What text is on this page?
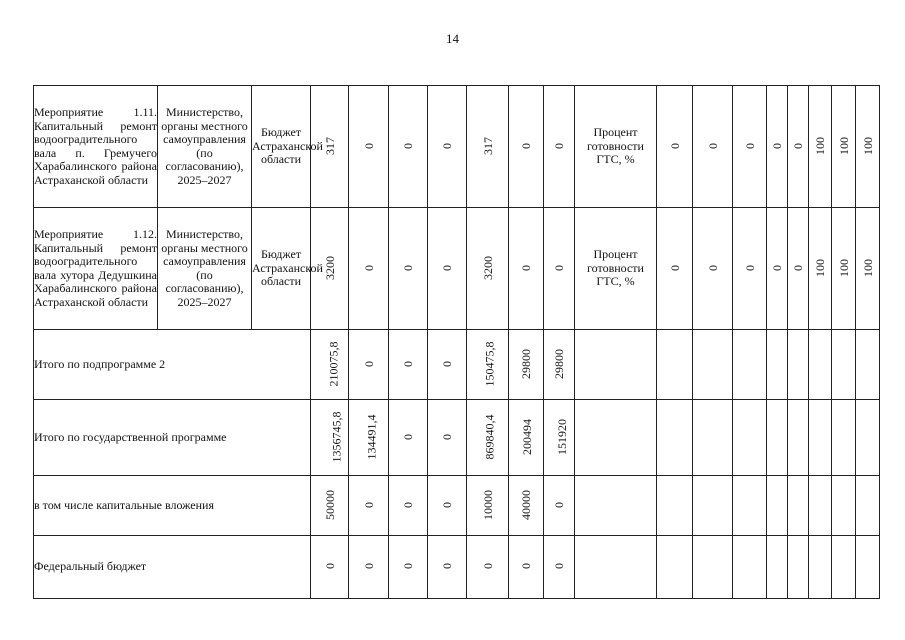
14
Мероприятие 1.11. Капитальный ремонт водооградительного вала п. Гремучего Харабалинского района Астраханской области	Министерство, органы местного самоуправления (по согласованию), 2025–2027	Бюджет Астраханской области	317	0	0	0	317	0	0	Процент готовности ГТС, %	0	0	0	0	0	100	100	100
Мероприятие 1.12. Капитальный ремонт водооградительного вала хутора Дедушкина Харабалинского района Астраханской области	Министерство, органы местного самоуправления (по согласованию), 2025–2027	Бюджет Астраханской области	3200	0	0	0	3200	0	0	Процент готовности ГТС, %	0	0	0	0	0	100	100	100
Итого по подпрограмме 2			210075,8	0	0	0	150475,8	29800	29800									
Итого по государственной программе			1356745,8	134491,4	0	0	869840,4	200494	151920									
в том числе капитальные вложения			50000	0	0	0	10000	40000	0									
Федеральный бюджет			0	0	0	0	0	0	0									
